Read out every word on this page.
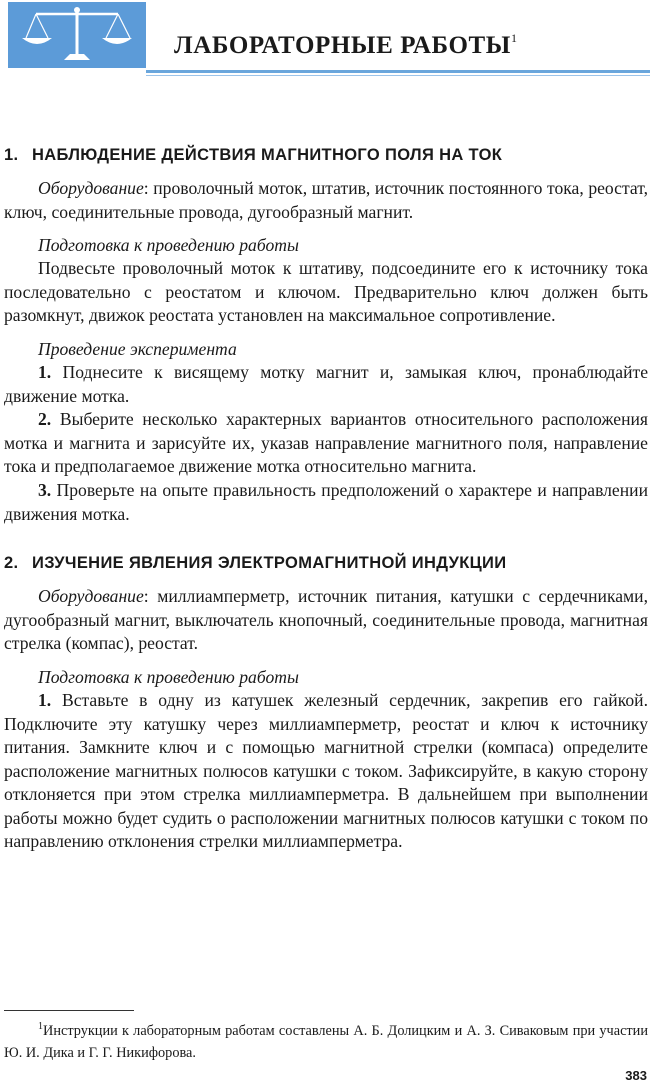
ЛАБОРАТОРНЫЕ РАБОТЫ$^1$
1. НАБЛЮДЕНИЕ ДЕЙСТВИЯ МАГНИТНОГО ПОЛЯ НА ТОК

Оборудование: проволочный моток, штатив, источник постоянного тока, реостат, ключ, соединительные провода, дугообразный магнит.

Подготовка к проведению работы

Подвесьте проволочный моток к штативу, подсоедините его к источнику тока последовательно с реостатом и ключом. Предварительно ключ должен быть разомкнут, движок реостата установлен на максимальное сопротивление.

Проведение эксперимента

1. Поднесите к висящему мотку магнит и, замыкая ключ, пронаблюдайте движение мотка.

2. Выберите несколько характерных вариантов относительного расположения мотка и магнита и зарисуйте их, указав направление магнитного поля, направление тока и предполагаемое движение мотка относительно магнита.

3. Проверьте на опыте правильность предположений о характере и направлении движения мотка.

2. ИЗУЧЕНИЕ ЯВЛЕНИЯ ЭЛЕКТРОМАГНИТНОЙ ИНДУКЦИИ

Оборудование: миллиамперметр, источник питания, катушки с сердечниками, дугообразный магнит, выключатель кнопочный, соединительные провода, магнитная стрелка (компас), реостат.

Подготовка к проведению работы

1. Вставьте в одну из катушек железный сердечник, закрепив его гайкой. Подключите эту катушку через миллиамперметр, реостат и ключ к источнику питания. Замкните ключ и с помощью магнитной стрелки (компаса) определите расположение магнитных полюсов катушки с током. Зафиксируйте, в какую сторону отклоняется при этом стрелка миллиамперметра. В дальнейшем при выполнении работы можно будет судить о расположении магнитных полюсов катушки с током по направлению отклонения стрелки миллиамперметра.

$^1$Инструкции к лабораторным работам составлены А. Б. Долицким и А. З. Сиваковым при участии Ю. И. Дика и Г. Г. Никифорова.

383
